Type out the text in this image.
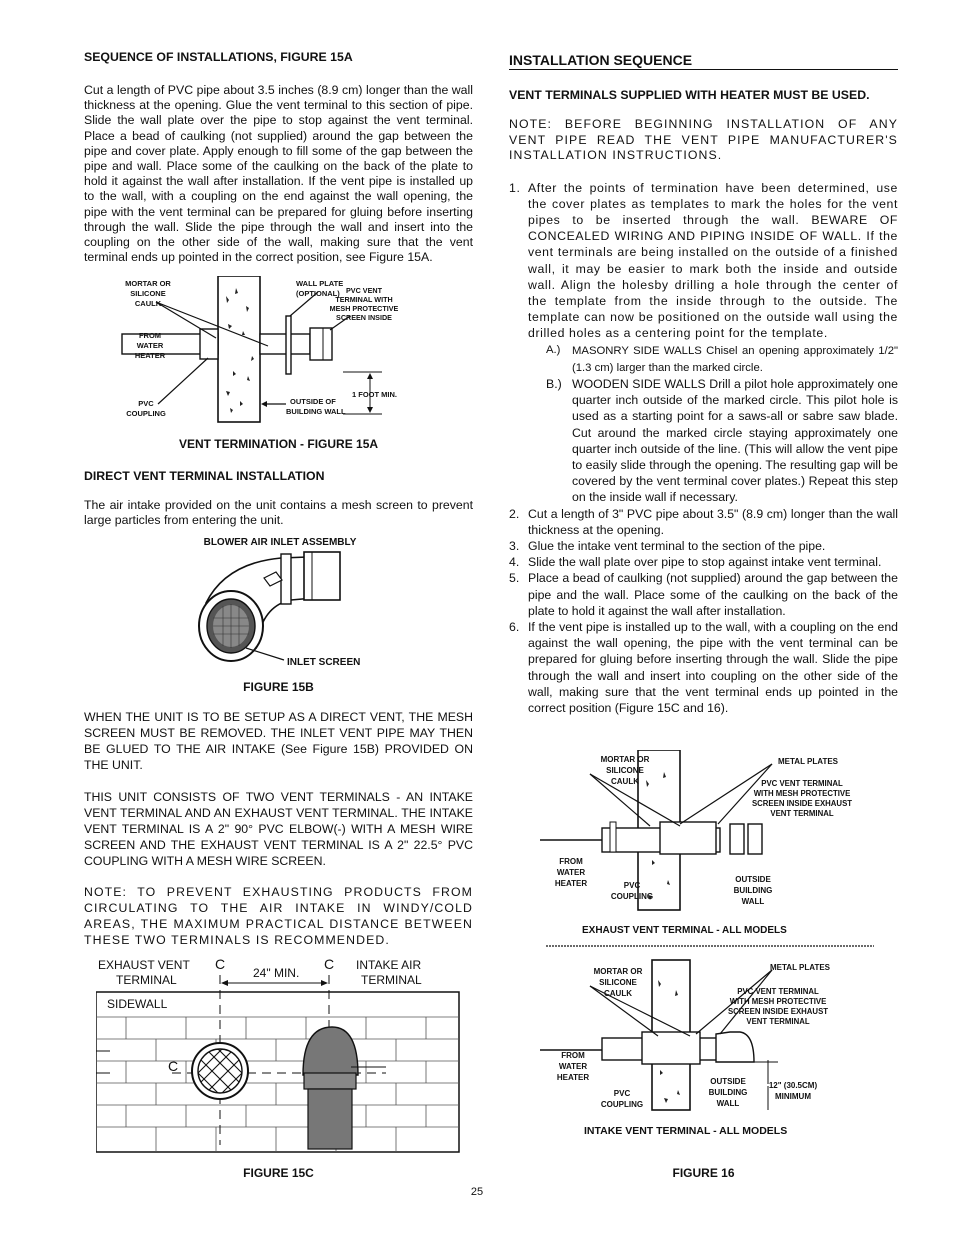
SEQUENCE OF INSTALLATIONS, FIGURE 15A

Cut a length of PVC pipe about 3.5 inches (8.9 cm) longer than the wall thickness at the opening. Glue the vent terminal to this section of pipe. Slide the wall plate over the pipe to stop against the vent terminal. Place a bead of caulking (not supplied) around the gap between the pipe and cover plate. Apply enough to fill some of the gap between the pipe and wall. Place some of the caulking on the back of the plate to hold it against the wall after installation. If the vent pipe is installed up to the wall, with a coupling on the end against the wall opening, the pipe with the vent terminal can be prepared for gluing before inserting through the wall. Slide the pipe through the wall and insert into the coupling on the other side of the wall, making sure that the vent terminal ends up pointed in the correct position, see Figure 15A.

MORTAR OR SILICONE CAULK
FROM WATER HEATER
PVC COUPLING
WALL PLATE (OPTIONAL) PVC VENT TERMINAL WITH MESH PROTECTIVE SCREEN INSIDE
1 FOOT MIN.
OUTSIDE OF BUILDING WALL

VENT TERMINATION - FIGURE 15A

DIRECT VENT TERMINAL INSTALLATION

The air intake provided on the unit contains a mesh screen to prevent large particles from entering the unit.

BLOWER AIR INLET ASSEMBLY

INLET SCREEN

FIGURE 15B

WHEN THE UNIT IS TO BE SETUP AS A DIRECT VENT, THE MESH SCREEN MUST BE REMOVED. THE INLET VENT PIPE MAY THEN BE GLUED TO THE AIR INTAKE (See Figure 15B) PROVIDED ON THE UNIT.

THIS UNIT CONSISTS OF TWO VENT TERMINALS - AN INTAKE VENT TERMINAL AND AN EXHAUST VENT TERMINAL. THE INTAKE VENT TERMINAL IS A 2" 90° PVC ELBOW(-) WITH A MESH WIRE SCREEN AND THE EXHAUST VENT TERMINAL IS A 2" 22.5° PVC COUPLING WITH A MESH WIRE SCREEN.

NOTE: TO PREVENT EXHAUSTING PRODUCTS FROM CIRCULATING TO THE AIR INTAKE IN WINDY/COLD AREAS, THE MAXIMUM PRACTICAL DISTANCE BETWEEN THESE TWO TERMINALS IS RECOMMENDED.

EXHAUST VENT TERMINAL	24" MIN.
INTAKE AIR TERMINAL
SIDEWALL
C	C
C

FIGURE 15C

INSTALLATION SEQUENCE

VENT TERMINALS SUPPLIED WITH HEATER MUST BE USED.

NOTE: BEFORE BEGINNING INSTALLATION OF ANY VENT PIPE READ THE VENT PIPE MANUFACTURER'S INSTALLATION INSTRUCTIONS.

1. After the points of termination have been determined, use the cover plates as templates to mark the holes for the vent pipes to be inserted through the wall. BEWARE OF CONCEALED WIRING AND PIPING INSIDE OF WALL. If the vent terminals are being installed on the outside of a finished wall, it may be easier to mark both the inside and outside wall. Align the holesby drilling a hole through the center of the template from the inside through to the outside. The template can now be positioned on the outside wall using the drilled holes as a centering point for the template.
A.) MASONRY SIDE WALLS Chisel an opening approximately 1/2" (1.3 cm) larger than the marked circle.
B.) WOODEN SIDE WALLS Drill a pilot hole approximately one quarter inch outside of the marked circle. This pilot hole is used as a starting point for a saws-all or sabre saw blade. Cut around the marked circle staying approximately one quarter inch outside of the line. (This will allow the vent pipe to easily slide through the opening. The resulting gap will be covered by the vent terminal cover plates.) Repeat this step on the inside wall if necessary.
2. Cut a length of 3" PVC pipe about 3.5" (8.9 cm) longer than the wall thickness at the opening.
3. Glue the intake vent terminal to the section of the pipe.
4. Slide the wall plate over pipe to stop against intake vent terminal.
5. Place a bead of caulking (not supplied) around the gap between the pipe and the wall. Place some of the caulking on the back of the plate to hold it against the wall after installation.
6. If the vent pipe is installed up to the wall, with a coupling on the end against the wall opening, the pipe with the vent terminal can be prepared for gluing before inserting through the wall. Slide the pipe through the wall and insert into coupling on the other side of the wall, making sure that the vent terminal ends up pointed in the correct position (Figure 15C and 16).
MORTAR OR SILICONE CAULK
METAL PLATES
PVC VENT TERMINAL WITH MESH PROTECTIVE SCREEN INSIDE EXHAUST VENT TERMINAL
FROM WATER HEATER	PVC COUPLING
OUTSIDE BUILDING WALL
EXHAUST VENT TERMINAL - ALL MODELS
MORTAR OR SILICONE CAULK
METAL PLATES
PVC VENT TERMINAL WITH MESH PROTECTIVE SCREEN INSIDE EXHAUST VENT TERMINAL
FROM WATER HEATER
PVC COUPLING
OUTSIDE BUILDING WALL
12" (30.5CM) MINIMUM
INTAKE VENT TERMINAL - ALL MODELS

FIGURE 16

25
